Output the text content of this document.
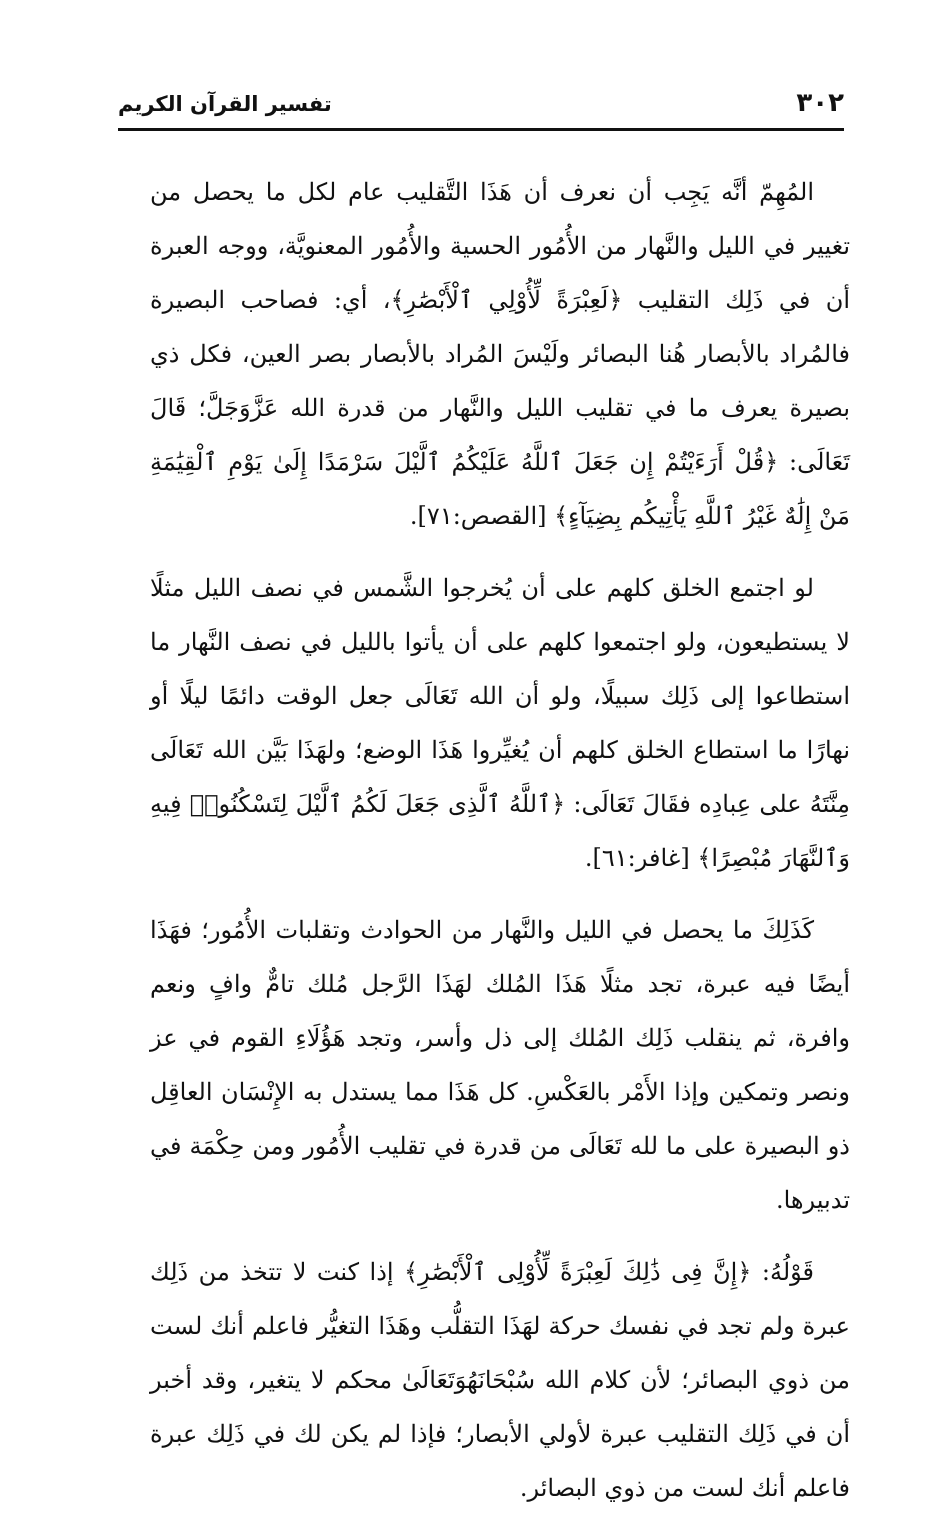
تفسير القرآن الكريم	٣٠٢

المُهِمّ أنَّه يَجِب أن نعرف أن هَذَا التَّقليب عام لكل ما يحصل من تغيير في الليل والنَّهار من الأُمُور الحسية والأُمُور المعنويَّة، ووجه العبرة أن في ذَلِك التقليب ﴿لَعِبْرَةً لِّأُوْلِي ٱلْأَبْصَٰرِ﴾، أي: فصاحب البصيرة فالمُراد بالأبصار هُنا البصائر ولَيْسَ المُراد بالأبصار بصر العين، فكل ذي بصيرة يعرف ما في تقليب الليل والنَّهار من قدرة الله عَزَّوَجَلَّ؛ قَالَ تَعَالَى: ﴿قُلْ أَرَءَيْتُمْ إِن جَعَلَ ٱللَّهُ عَلَيْكُمُ ٱلَّيْلَ سَرْمَدًا إِلَىٰ يَوْمِ ٱلْقِيَٰمَةِ مَنْ إِلَٰهٌ غَيْرُ ٱللَّهِ يَأْتِيكُم بِضِيَآءٍ﴾ [القصص:٧١].

لو اجتمع الخلق كلهم على أن يُخرجوا الشَّمس في نصف الليل مثلًا لا يستطيعون، ولو اجتمعوا كلهم على أن يأتوا بالليل في نصف النَّهار ما استطاعوا إلى ذَلِك سبيلًا، ولو أن الله تَعَالَى جعل الوقت دائمًا ليلًا أو نهارًا ما استطاع الخلق كلهم أن يُغيِّروا هَذَا الوضع؛ ولهَذَا بَيَّن الله تَعَالَى مِنَّتَهُ على عِبادِه فقَالَ تَعَالَى: ﴿ٱللَّهُ ٱلَّذِى جَعَلَ لَكُمُ ٱلَّيْلَ لِتَسْكُنُوا۟ فِيهِ وَٱلنَّهَارَ مُبْصِرًا﴾ [غافر:٦١].

كَذَلِكَ ما يحصل في الليل والنَّهار من الحوادث وتقلبات الأُمُور؛ فهَذَا أيضًا فيه عبرة، تجد مثلًا هَذَا المُلك لهَذَا الرَّجل مُلك تامٌّ وافٍ ونعم وافرة، ثم ينقلب ذَلِك المُلك إلى ذل وأسر، وتجد هَؤُلَاءِ القوم في عز ونصر وتمكين وإذا الأَمْر بالعَكْسِ. كل هَذَا مما يستدل به الإِنْسَان العاقِل ذو البصيرة على ما لله تَعَالَى من قدرة في تقليب الأُمُور ومن حِكْمَة في تدبيرها.

قَوْلُهُ: ﴿إِنَّ فِى ذَٰلِكَ لَعِبْرَةً لِّأُوْلِى ٱلْأَبْصَٰرِ﴾ إذا كنت لا تتخذ من ذَلِك عبرة ولم تجد في نفسك حركة لهَذَا التقلُّب وهَذَا التغيُّر فاعلم أنك لست من ذوي البصائر؛ لأن كلام الله سُبْحَانَهُوَتَعَالَىٰ محكم لا يتغير، وقد أخبر أن في ذَلِك التقليب عبرة لأولي الأبصار؛ فإذا لم يكن لك في ذَلِك عبرة فاعلم أنك لست من ذوي البصائر.
